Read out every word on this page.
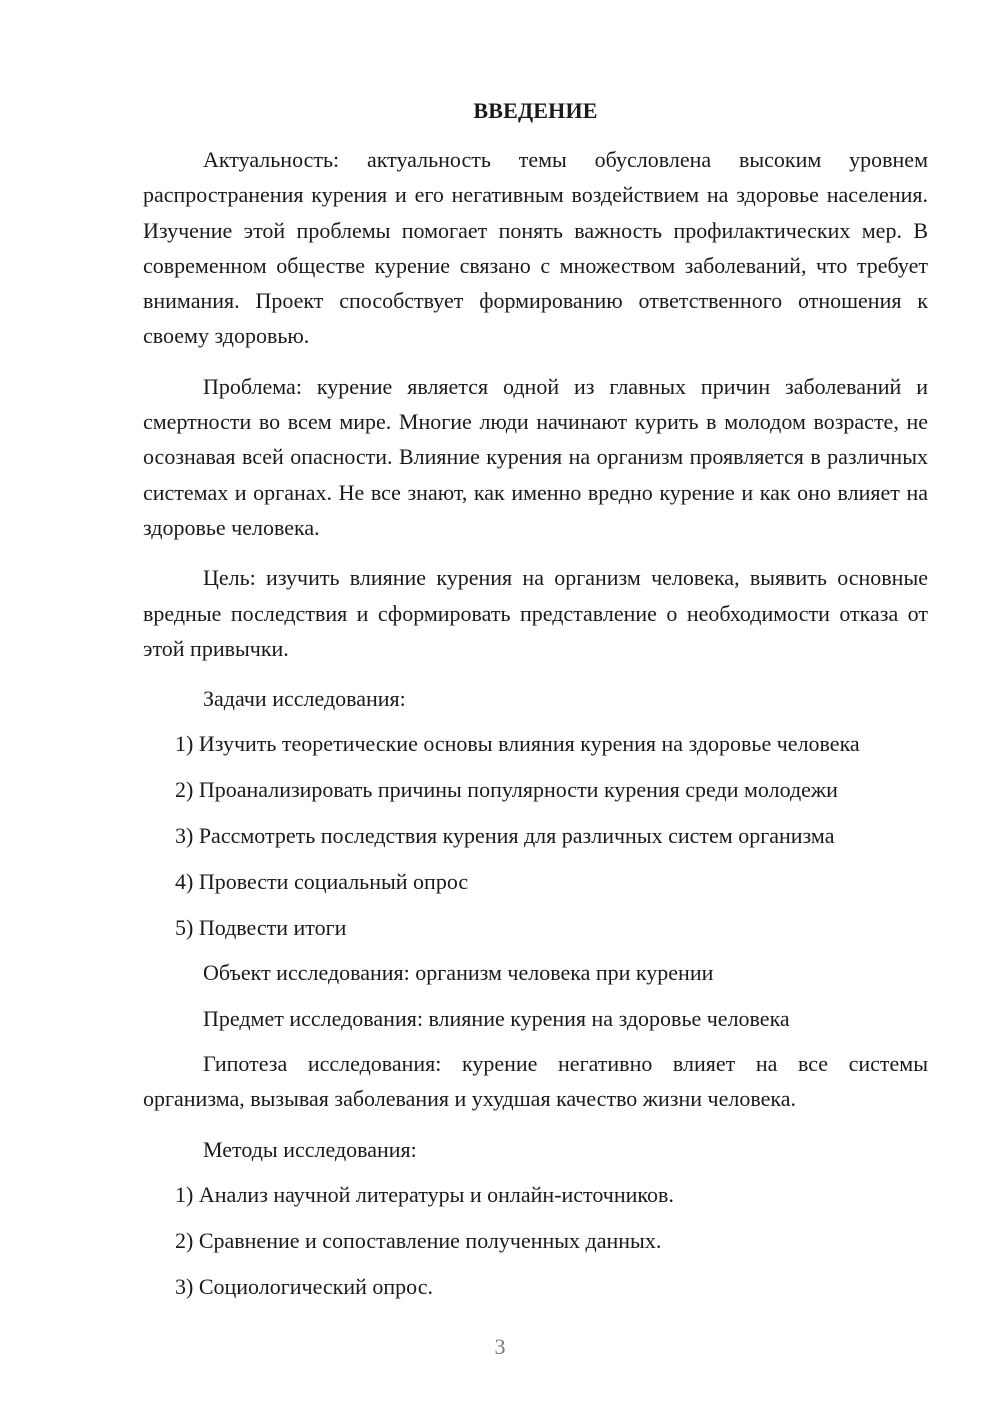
ВВЕДЕНИЕ

Актуальность: актуальность темы обусловлена высоким уровнем распространения курения и его негативным воздействием на здоровье населения. Изучение этой проблемы помогает понять важность профилактических мер. В современном обществе курение связано с множеством заболеваний, что требует внимания. Проект способствует формированию ответственного отношения к своему здоровью.

Проблема: курение является одной из главных причин заболеваний и смертности во всем мире. Многие люди начинают курить в молодом возрасте, не осознавая всей опасности. Влияние курения на организм проявляется в различных системах и органах. Не все знают, как именно вредно курение и как оно влияет на здоровье человека.

Цель: изучить влияние курения на организм человека, выявить основные вредные последствия и сформировать представление о необходимости отказа от этой привычки.

Задачи исследования:

1) Изучить теоретические основы влияния курения на здоровье человека

2) Проанализировать причины популярности курения среди молодежи

3) Рассмотреть последствия курения для различных систем организма

4) Провести социальный опрос

5) Подвести итоги

Объект исследования: организм человека при курении

Предмет исследования: влияние курения на здоровье человека

Гипотеза исследования: курение негативно влияет на все системы организма, вызывая заболевания и ухудшая качество жизни человека.

Методы исследования:

1) Анализ научной литературы и онлайн-источников.

2) Сравнение и сопоставление полученных данных.

3) Социологический опрос.

3
